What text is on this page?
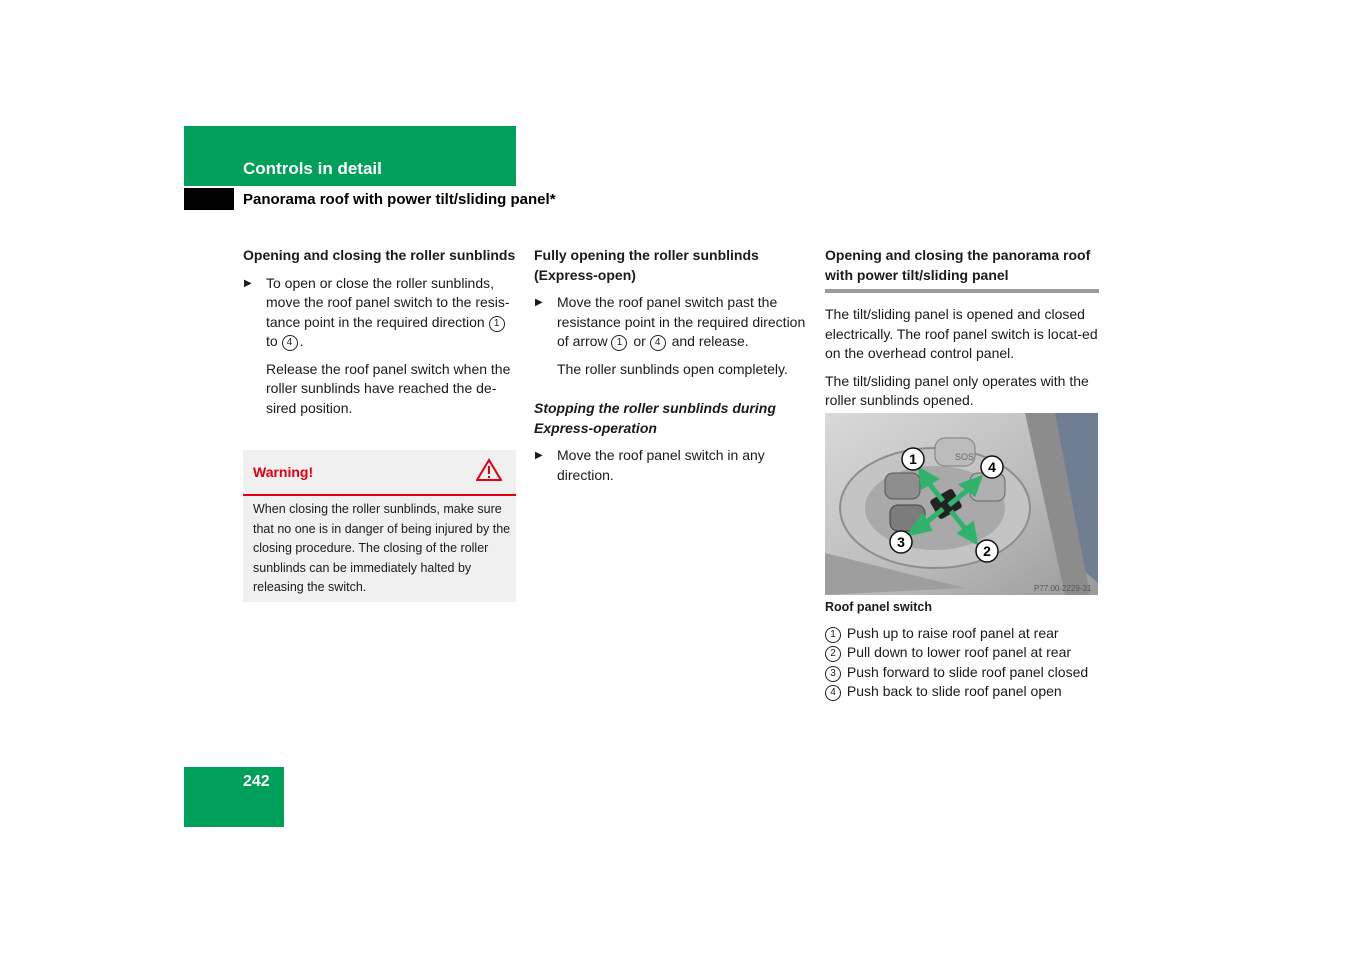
Controls in detail
Panorama roof with power tilt/sliding panel*
Opening and closing the roller sunblinds
▶ To open or close the roller sunblinds, move the roof panel switch to the resis-tance point in the required direction 1 to 4 .
Release the roof panel switch when the roller sunblinds have reached the de-sired position.
Warning!
When closing the roller sunblinds, make sure that no one is in danger of being injured by the closing procedure. The closing of the roller sunblinds can be immediately halted by releasing the switch.
Fully opening the roller sunblinds (Express-open)
▶ Move the roof panel switch past the resistance point in the required direction of arrow 1 or 4 and release.
The roller sunblinds open completely.
Stopping the roller sunblinds during Express-operation
▶ Move the roof panel switch in any direction.
Opening and closing the panorama roof with power tilt/sliding panel

The tilt/sliding panel is opened and closed electrically. The roof panel switch is locat-ed on the overhead control panel.

The tilt/sliding panel only operates with the roller sunblinds opened.

SOS
1
2
3
4
P77.00-2229-31
Roof panel switch
1 Push up to raise roof panel at rear
2 Pull down to lower roof panel at rear
3 Push forward to slide roof panel closed
4 Push back to slide roof panel open
242
